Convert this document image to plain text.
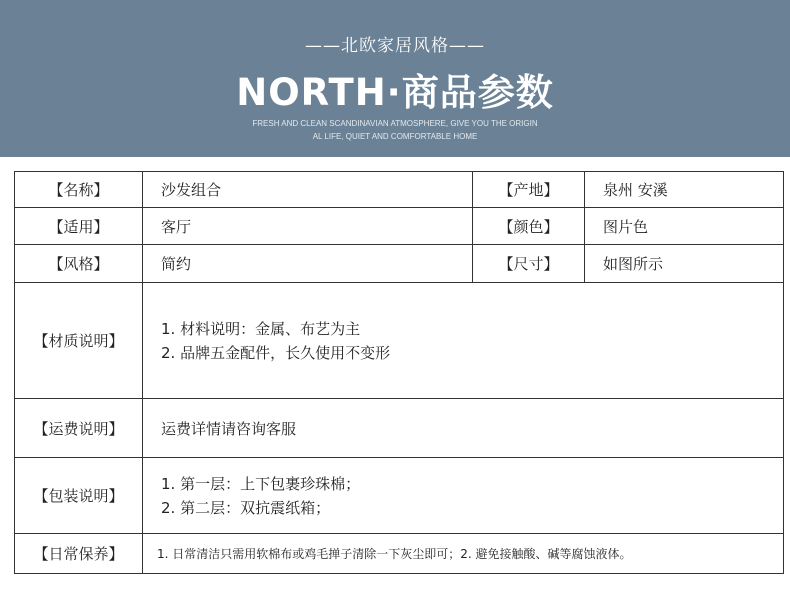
——北欧家居风格——
NORTH·商品参数
FRESH AND CLEAN SCANDINAVIAN ATMOSPHERE, GIVE YOU THE ORIGIN
AL LIFE, QUIET AND COMFORTABLE HOME
【名称】	沙发组合	【产地】	泉州 安溪
【适用】	客厅	【颜色】	图片色
【风格】	简约	【尺寸】	如图所示
【材质说明】	1. 材料说明：金属、布艺为主
2. 品牌五金配件，长久使用不变形		

【运费说明】	运费详情请咨询客服		
【包装说明】	1. 第一层：上下包裹珍珠棉；
2. 第二层：双抗震纸箱；		

【日常保养】	1. 日常清洁只需用软棉布或鸡毛掸子清除一下灰尘即可；2. 避免接触酸、碱等腐蚀液体。		
